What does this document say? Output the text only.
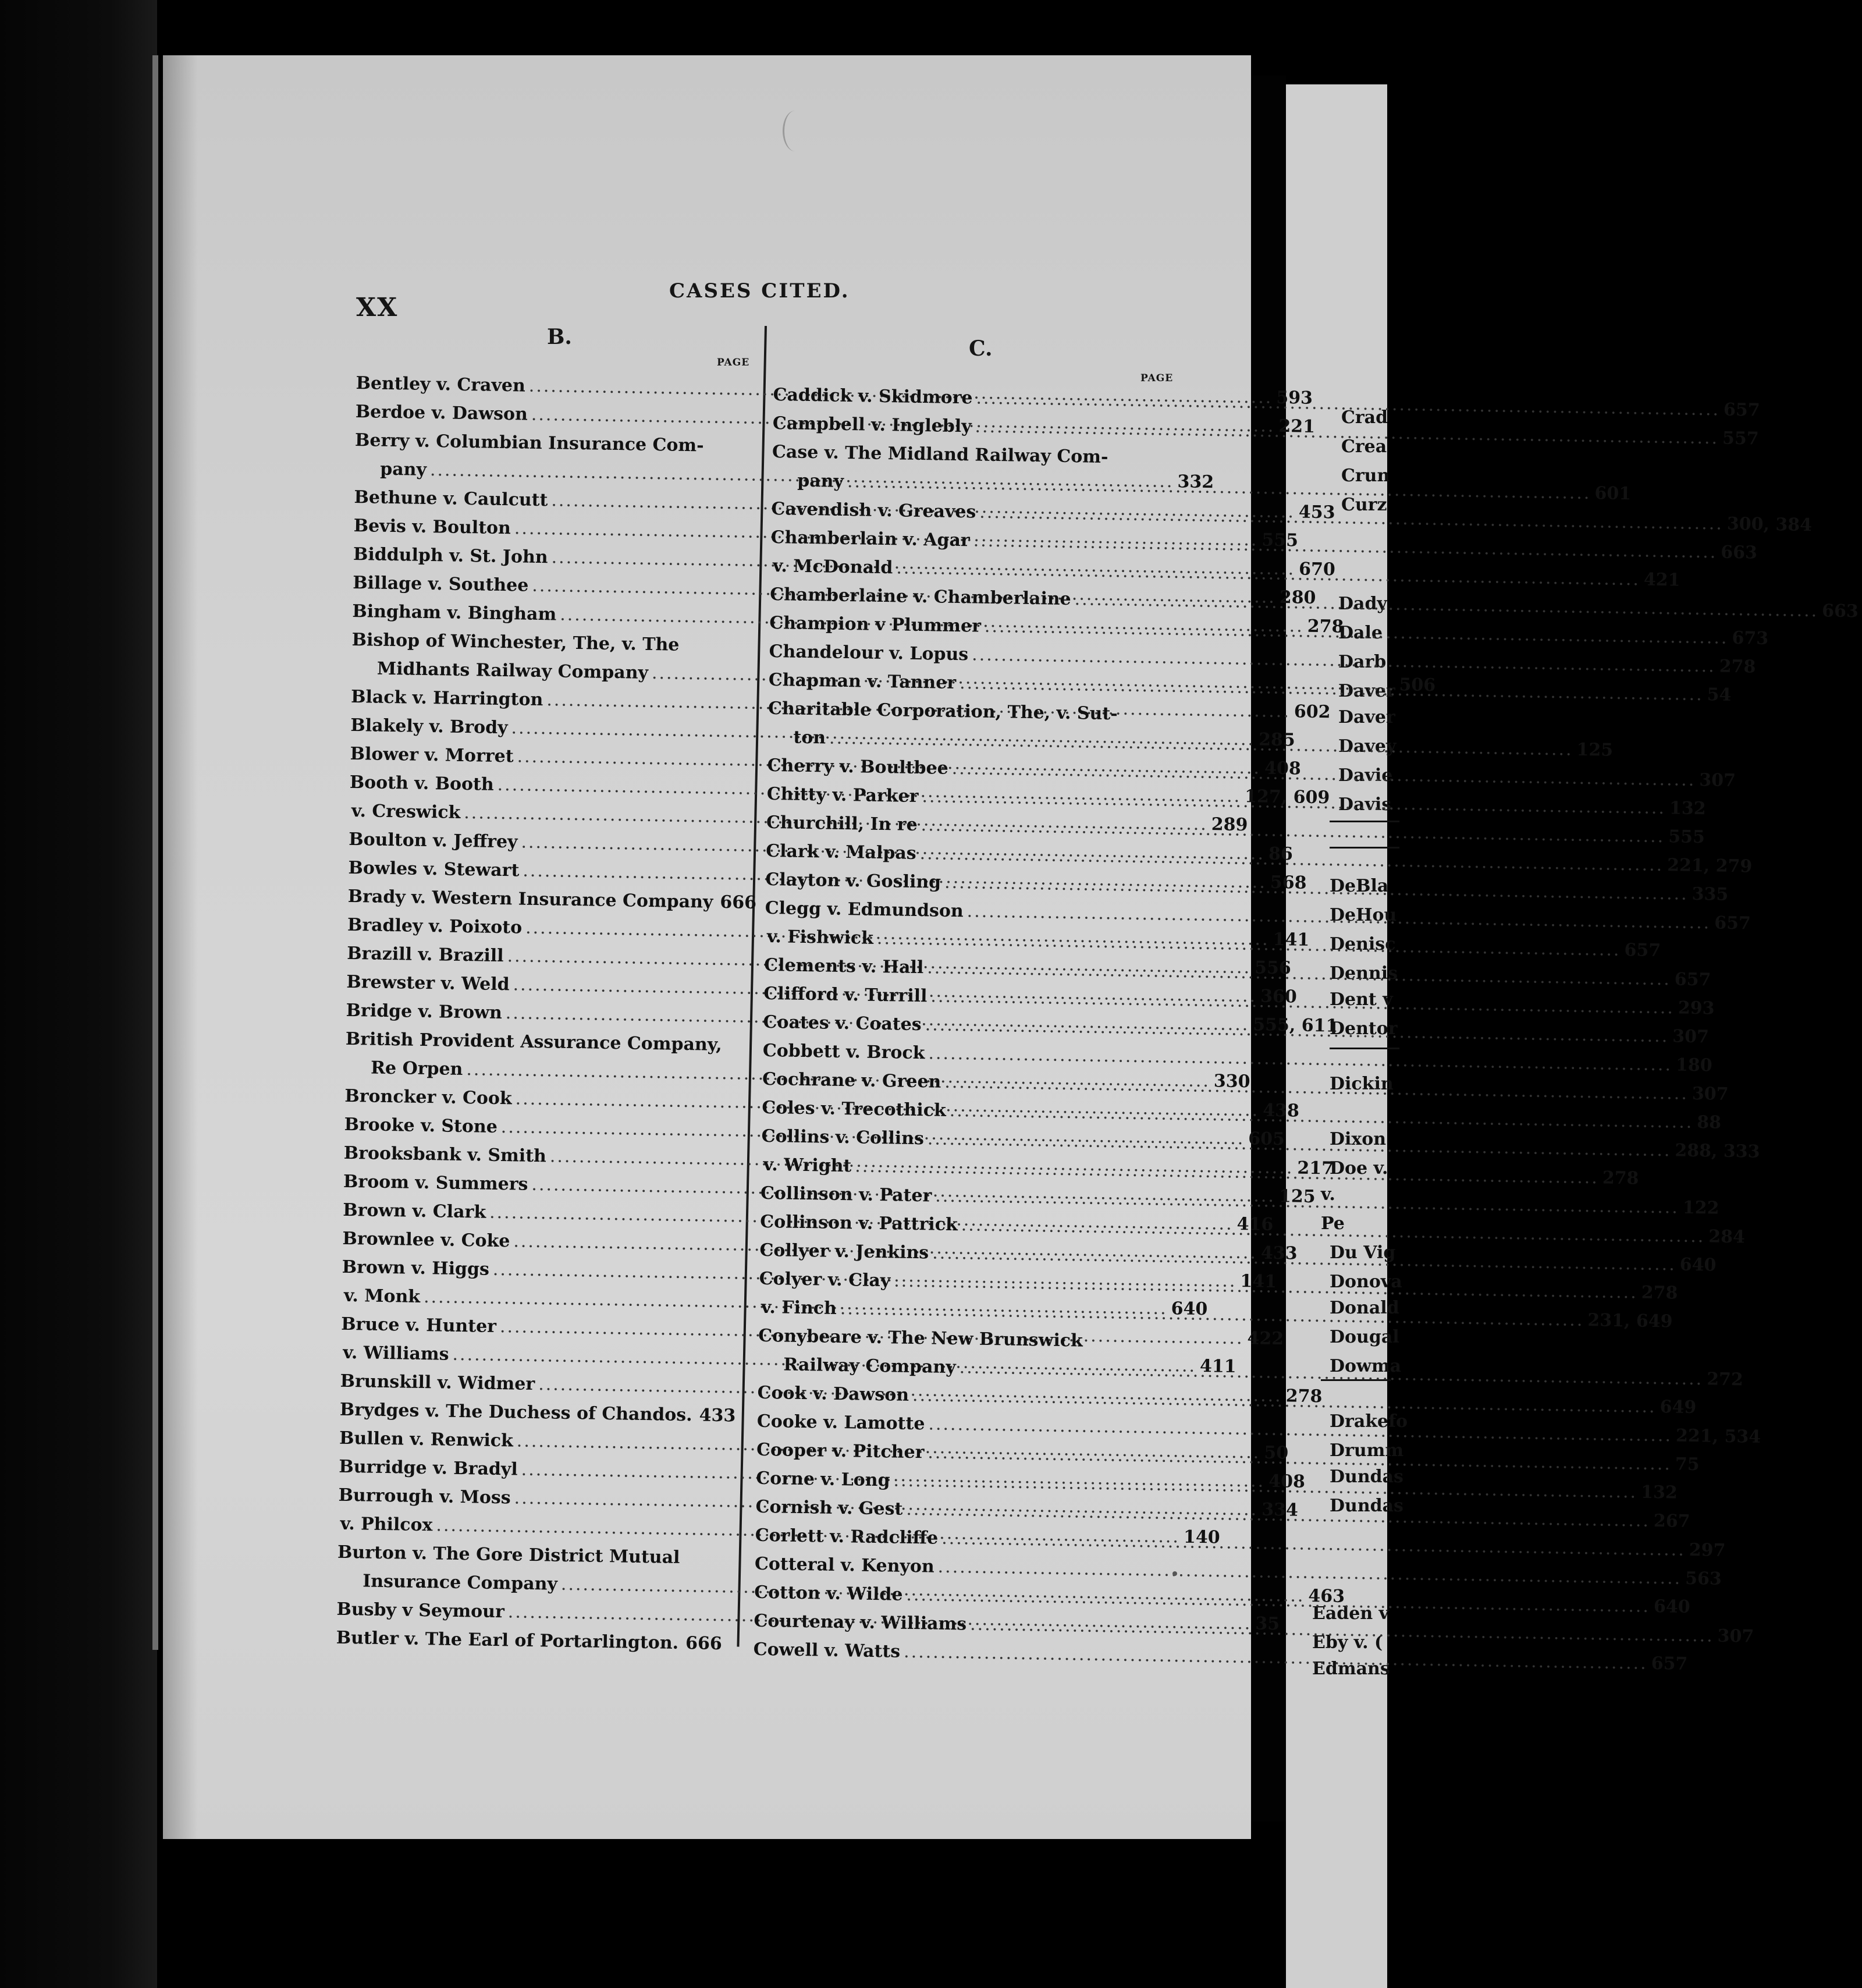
Crad
Crea
Crun
Curz
Dady
Dale
Darb
Daver
Daver
Davey
Davie
Davis
DeBla
DeHou
Denisc
Dennis
Dent v
Dentor
Dickin
Dixon
Doe v.
v.
Pe
Du Vig
Donova
Donald
Dougal
Dowma
Drakefo
Drumm
Dundas
Dundas
Eaden v
Eby v. (
Edmans
XX
CASES CITED.
B.	C.
PAGE
PAGE
Bentley v. Craven
.....
593
Berdoe v. Dawson
.....
221
Berry v. Columbian Insurance Com-
pany
.....
332
Bethune v. Caulcutt
.....
453
Bevis v. Boulton
.....
555
Biddulph v. St. John
.....
670
Billage v. Southee
.....
280
Bingham v. Bingham
.....
278
Bishop of Winchester, The, v. The
Midhants Railway Company
.....
506
Black v. Harrington
.....
602
Blakely v. Brody
.....
285
Blower v. Morret
.....
408
Booth v. Booth
.....
127, 609
v. Creswick
.....
289
Boulton v. Jeffrey
.....
86
Bowles v. Stewart
.....
568
Brady v. Western Insurance Company ..... 666
Bradley v. Poixoto
.....
141
Brazill v. Brazill
.....
556
Brewster v. Weld
.....
360
Bridge v. Brown
.....
555, 611
British Provident Assurance Company,
Re Orpen
.....
330
Broncker v. Cook
.....
438
Brooke v. Stone
.....
605
Brooksbank v. Smith
.....
217
Broom v. Summers
.....
125
Brown v. Clark
.....
416
Brownlee v. Coke
.....
433
Brown v. Higgs
.....
141
v. Monk
.....
640
Bruce v. Hunter
.....
422
v. Williams
.....
411
Brunskill v. Widmer
.....
278
Brydges v. The Duchess of Chandos. ..... 433
Bullen v. Renwick
.....
50
Burridge v. Bradyl
.....
408
Burrough v. Moss
.....
334
v. Philcox
.....
140
Burton v. The Gore District Mutual
Insurance Company
.....
463
Busby v Seymour
.....
35
Butler v. The Earl of Portarlington. ..... 666
Caddick v. Skidmore
.....
657
Campbell v. Inglebly
.....
557
Case v. The Midland Railway Com-
pany
.....
601
Cavendish v. Greaves
.....
300, 384
Chamberlain v. Agar
.....
663
v. McDonald
.....
421
Chamberlaine v. Chamberlaine
.....
663
Champion v Plummer
.....
673
Chandelour v. Lopus
.....
278
Chapman v. Tanner
.....
54
Charitable Corporation, The, v. Sut-
ton
.....
125
Cherry v. Boultbee
.....
307
Chitty v. Parker
.....
132
Churchill, In re
.....
555
Clark v. Malpas
.....
221, 279
Clayton v. Gosling
.....
335
Clegg v. Edmundson
.....
657
v. Fishwick
.....
657
Clements v. Hall
.....
657
Clifford v. Turrill
.....
293
Coates v. Coates
.....
307
Cobbett v. Brock
.....
180
Cochrane v. Green
.....
307
Coles v. Trecothick
.....
88
Collins v. Collins
.....
288, 333
v. Wright
.....
278
Collinson v. Pater
.....
122
Collinson v. Pattrick
.....
284
Collyer v. Jenkins
.....
640
Colyer v. Clay
.....
278
v. Finch
.....
231, 649
Conybeare v. The New Brunswick
Railway Company
.....
272
Cook v. Dawson
.....
649
Cooke v. Lamotte
.....
221, 534
Cooper v. Pitcher
.....
75
Corne v. Long
.....
132
Cornish v. Gest
.....
267
Corlett v. Radcliffe
.....
297
Cotteral v. Kenyon
.....
563
Cotton v. Wilde
.....
640
Courtenay v. Williams
.....
307
Cowell v. Watts
.....
657
